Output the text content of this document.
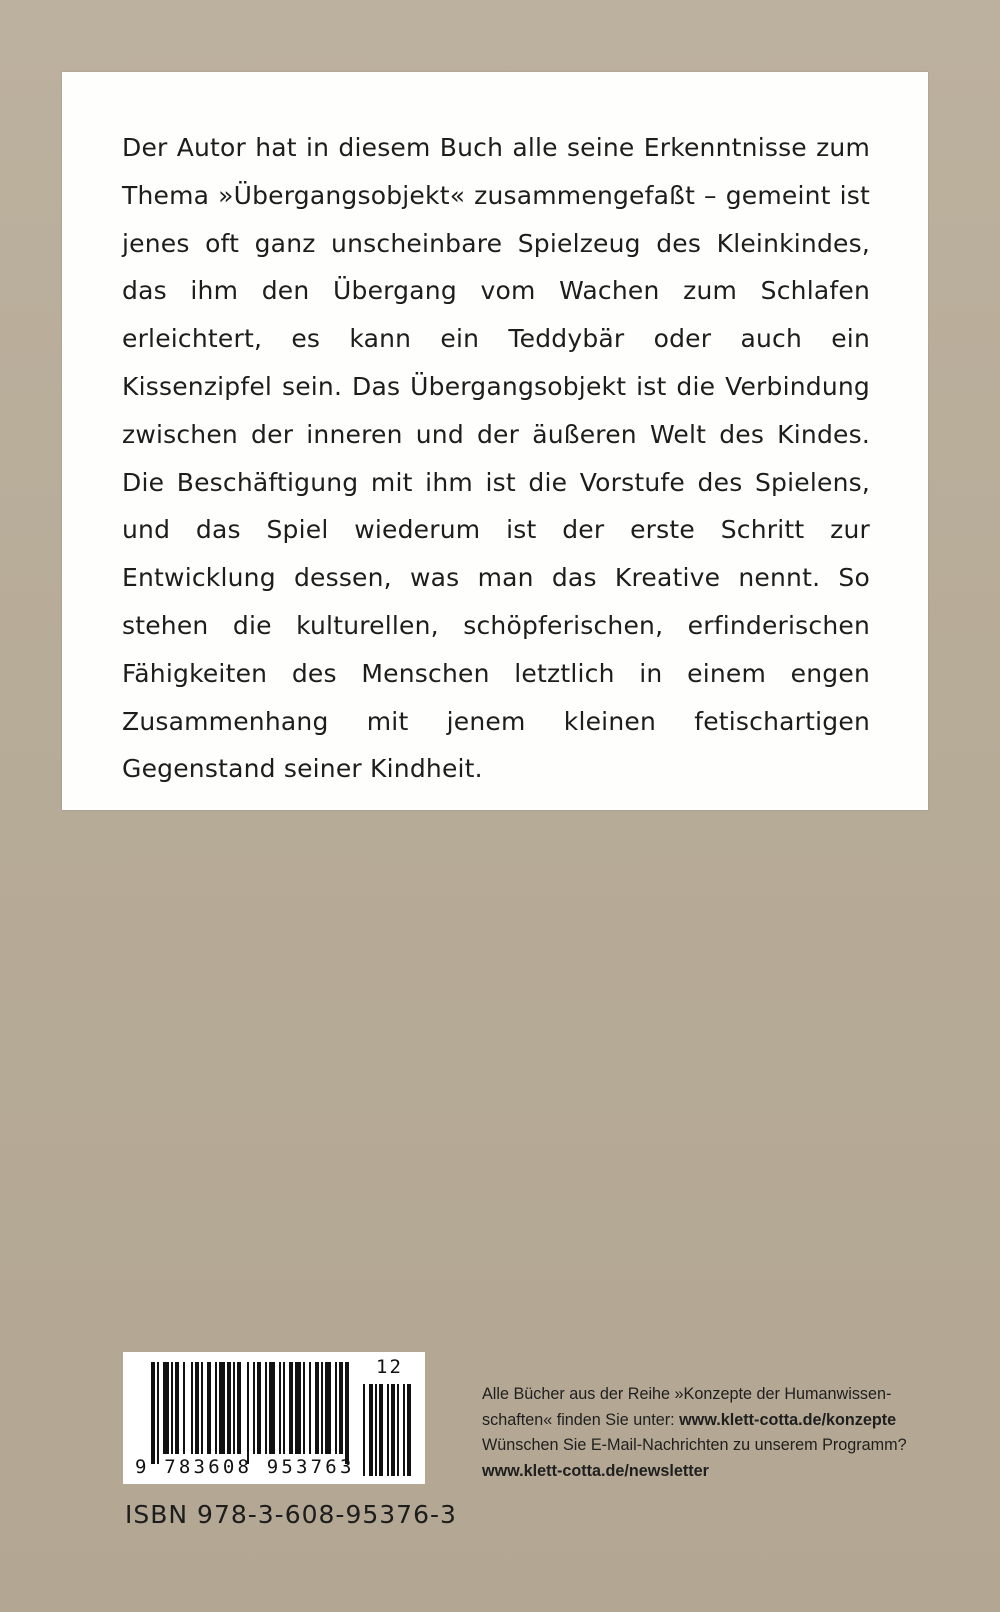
Der Autor hat in diesem Buch alle seine Erkenntnisse zum Thema »Übergangsobjekt« zusammengefaßt – gemeint ist jenes oft ganz unscheinbare Spielzeug des Kleinkindes, das ihm den Übergang vom Wachen zum Schlafen erleichtert, es kann ein Teddybär oder auch ein Kissenzipfel sein. Das Übergangsobjekt ist die Verbindung zwischen der inneren und der äußeren Welt des Kindes. Die Beschäftigung mit ihm ist die Vorstufe des Spielens, und das Spiel wiederum ist der erste Schritt zur Entwicklung dessen, was man das Kreative nennt. So stehen die kulturellen, schöpferischen, erfinderischen Fähigkeiten des Menschen letztlich in einem engen Zusammenhang mit jenem kleinen fetischartigen Gegenstand seiner Kindheit.

12
9 783608 953763
ISBN 978-3-608-95376-3
Alle Bücher aus der Reihe »Konzepte der Humanwissen-
schaften« finden Sie unter: www.klett-cotta.de/konzepte
Wünschen Sie E-Mail-Nachrichten zu unserem Programm?
www.klett-cotta.de/newsletter
